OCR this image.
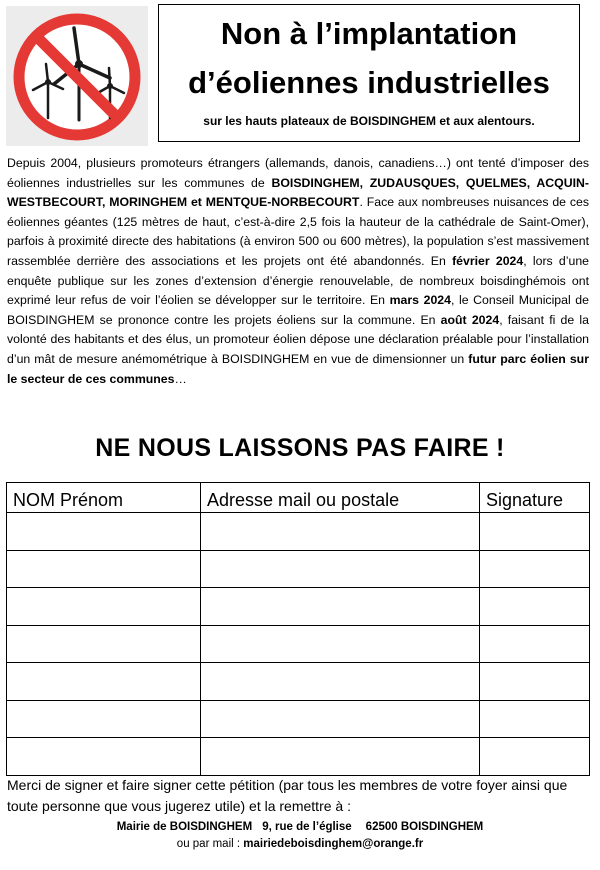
Non à l’implantation
d’éoliennes industrielles
sur les hauts plateaux de BOISDINGHEM et aux alentours.

Depuis 2004, plusieurs promoteurs étrangers (allemands, danois, canadiens…) ont tenté d’imposer des éoliennes industrielles sur les communes de BOISDINGHEM, ZUDAUSQUES, QUELMES, ACQUIN-WESTBECOURT, MORINGHEM et MENTQUE-NORBECOURT. Face aux nombreuses nuisances de ces éoliennes géantes (125 mètres de haut, c’est-à-dire 2,5 fois la hauteur de la cathédrale de Saint-Omer), parfois à proximité directe des habitations (à environ 500 ou 600 mètres), la population s’est massivement rassemblée derrière des associations et les projets ont été abandonnés. En février 2024, lors d’une enquête publique sur les zones d’extension d’énergie renouvelable, de nombreux boisdinghémois ont exprimé leur refus de voir l’éolien se développer sur le territoire. En mars 2024, le Conseil Municipal de BOISDINGHEM se prononce contre les projets éoliens sur la commune. En août 2024, faisant fi de la volonté des habitants et des élus, un promoteur éolien dépose une déclaration préalable pour l’installation d’un mât de mesure anémométrique à BOISDINGHEM en vue de dimensionner un futur parc éolien sur le secteur de ces communes…

NE NOUS LAISSONS PAS FAIRE !
NOM Prénom	Adresse mail ou postale	Signature

Merci de signer et faire signer cette pétition (par tous les membres de votre foyer ainsi que toute personne que vous jugerez utile) et la remettre à :

Mairie de BOISDINGHEM 9, rue de l’église 62500 BOISDINGHEM
ou par mail : mairiedeboisdinghem@orange.fr
